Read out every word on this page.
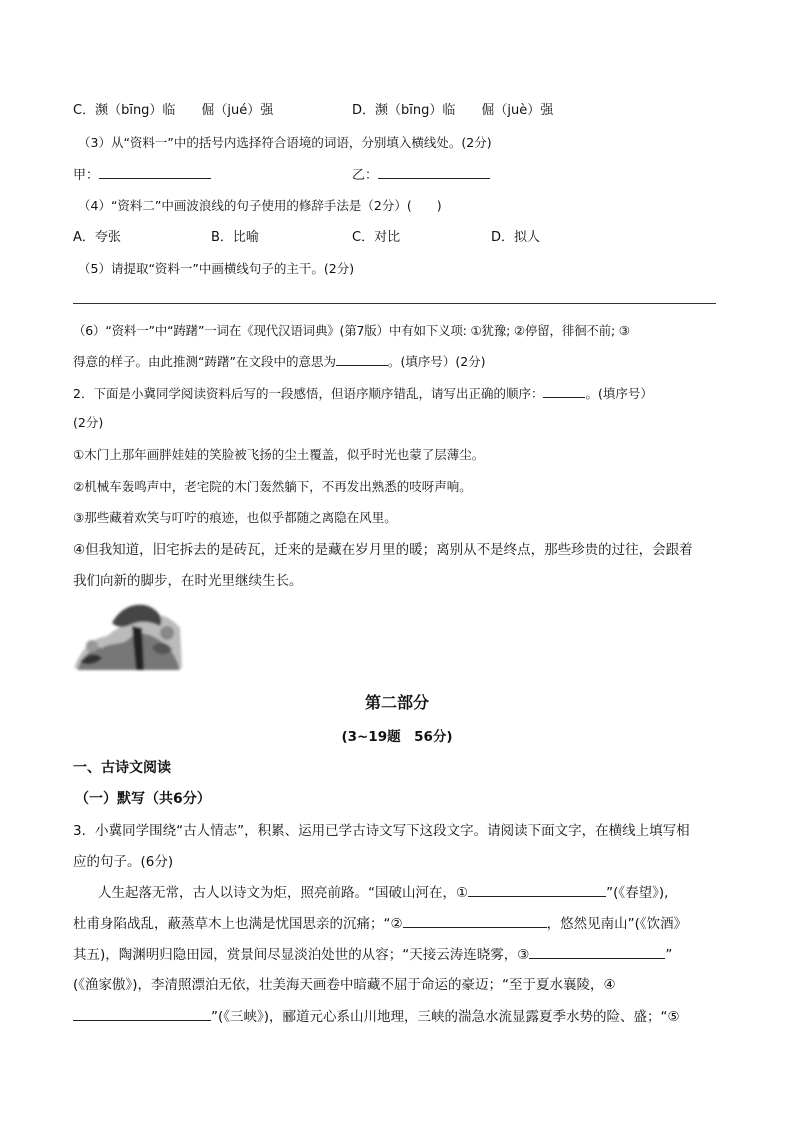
C．濒（bīng）临　　倔（jué）强	D．濒（bīng）临　　倔（juè）强
（3）从“资料一”中的括号内选择符合语境的词语，分别填入横线处。(2分)
甲：	乙：
（4）“资料二”中画波浪线的句子使用的修辞手法是（2分）(　　)
A．夸张	B．比喻	C．对比	D．拟人
（5）请提取“资料一”中画横线句子的主干。(2分)
（6）“资料一”中“踌躇”一词在《现代汉语词典》(第7版）中有如下义项: ①犹豫; ②停留，徘徊不前; ③
得意的样子。由此推测“踌躇”在文段中的意思为	。(填序号）(2分)
2．下面是小冀同学阅读资料后写的一段感悟，但语序顺序错乱，请写出正确的顺序：	。(填序号）
(2分)
①木门上那年画胖娃娃的笑脸被飞扬的尘土覆盖，似乎时光也蒙了层薄尘。
②机械车轰鸣声中，老宅院的木门轰然躺下，不再发出熟悉的吱呀声响。
③那些藏着欢笑与叮咛的痕迹，也似乎都随之离隐在风里。
④但我知道，旧宅拆去的是砖瓦，迁来的是藏在岁月里的暖；离别从不是终点，那些珍贵的过往，会跟着
我们向新的脚步，在时光里继续生长。
第二部分
(3~19题　56分)
一、古诗文阅读
（一）默写（共6分）
3．小冀同学围绕“古人情志”，积累、运用已学古诗文写下这段文字。请阅读下面文字，在横线上填写相
应的句子。(6分)
人生起落无常，古人以诗文为炬，照亮前路。“国破山河在，①	”(《春望》),
杜甫身陷战乱，蔽蒸草木上也满是忧国思亲的沉痛；“②	，悠然见南山”(《饮酒》
其五)，陶渊明归隐田园，赏景间尽显淡泊处世的从容；“天接云涛连晓雾，③	”
(《渔家傲》)，李清照漂泊无依，壮美海天画卷中暗藏不屈于命运的豪迈；“至于夏水襄陵，④
”(《三峡》)，郦道元心系山川地理，三峡的湍急水流显露夏季水势的险、盛；“⑤
